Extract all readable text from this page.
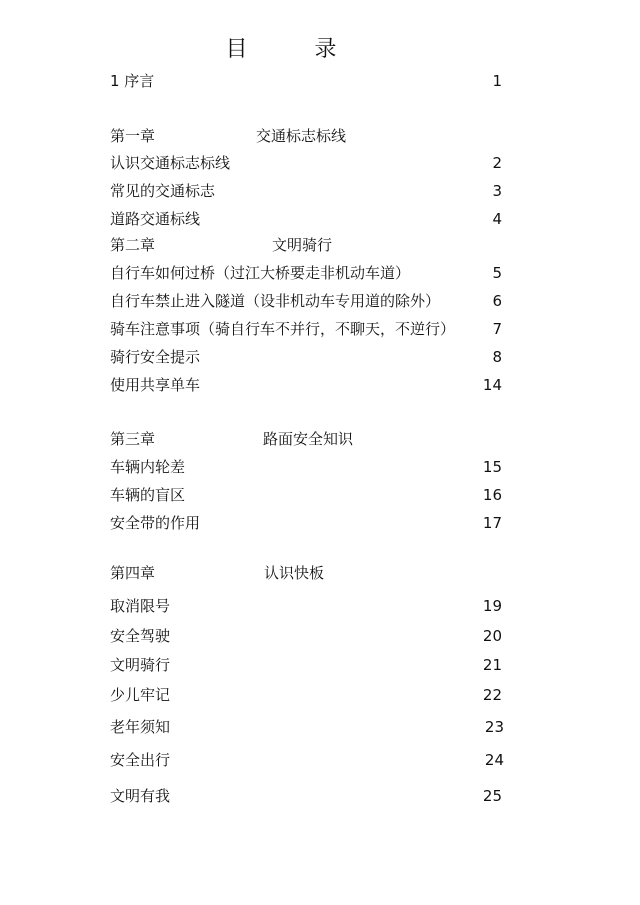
目 录
1 序言	1
第一章	交通标志标线
认识交通标志标线	2
常见的交通标志	3
道路交通标线	4
第二章	文明骑行
自行车如何过桥（过江大桥要走非机动车道）	5
自行车禁止进入隧道（设非机动车专用道的除外）	6
骑车注意事项（骑自行车不并行，不聊天，不逆行） 7
骑行安全提示	8
使用共享单车	14
第三章	路面安全知识
车辆内轮差	15
车辆的盲区	16
安全带的作用	17
第四章	认识快板
取消限号	19
安全驾驶	20
文明骑行	21
少儿牢记	22
老年须知	23
安全出行	24
文明有我	25
